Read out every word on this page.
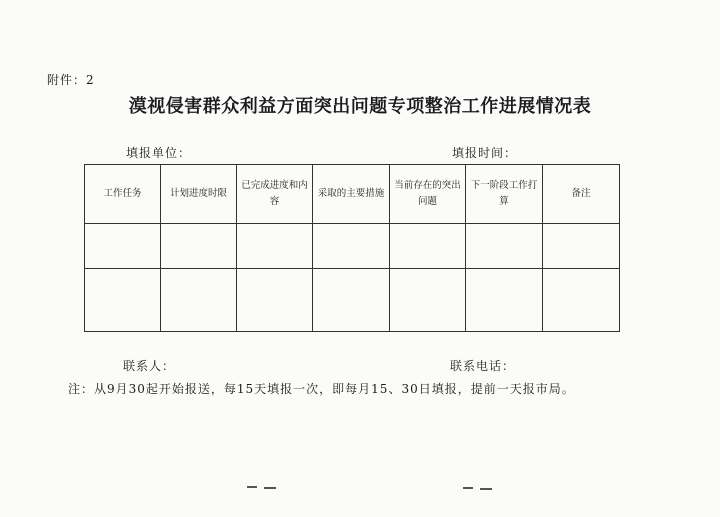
附件：2
漠视侵害群众利益方面突出问题专项整治工作进展情况表
填报单位：	填报时间：
工作任务	计划进度时限	已完成进度和内容	采取的主要措施	当前存在的突出问题	下一阶段工作打算	备注

联系人：	联系电话：
注：从9月30起开始报送，每15天填报一次，即每月15、30日填报，提前一天报市局。
